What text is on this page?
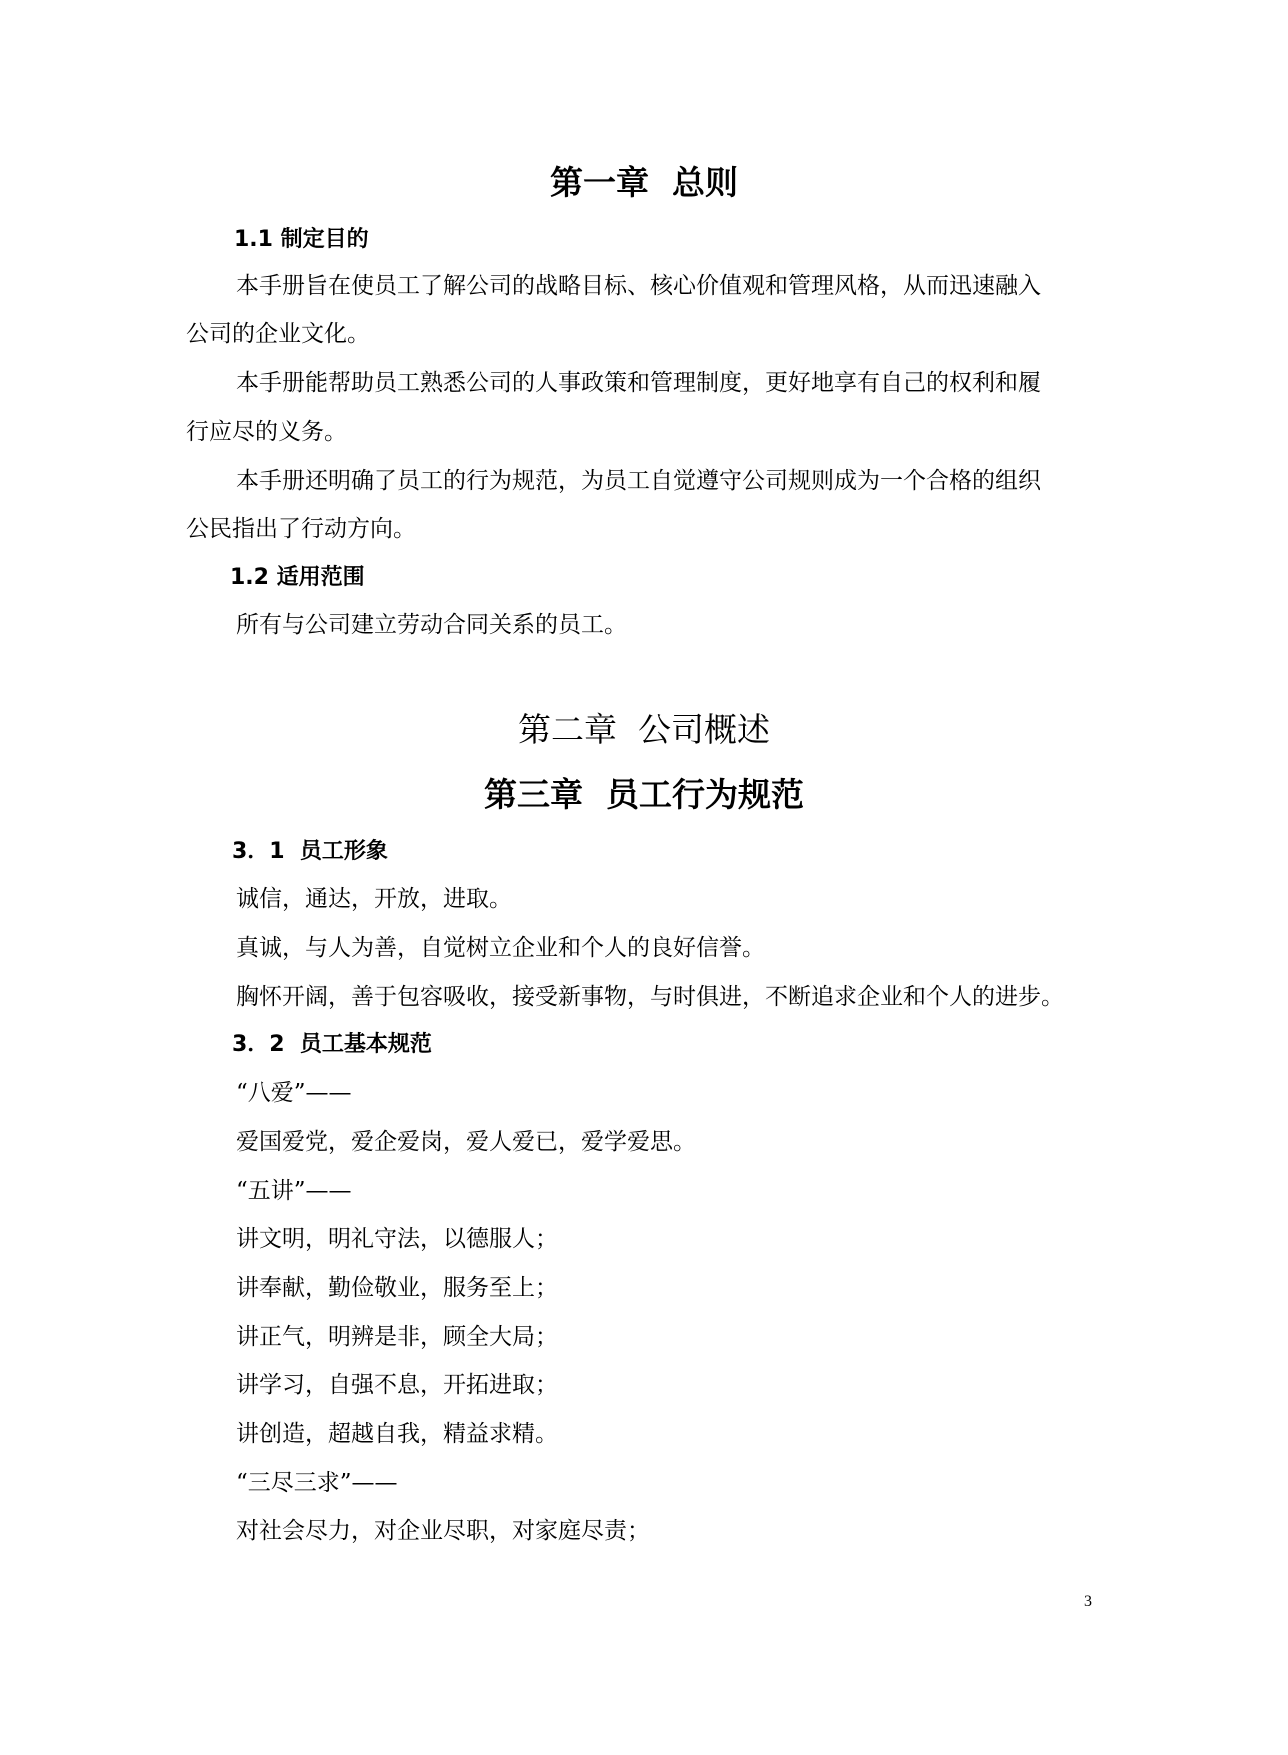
第一章  总则
1.1 制定目的

本手册旨在使员工了解公司的战略目标、核心价值观和管理风格，从而迅速融入

公司的企业文化。

本手册能帮助员工熟悉公司的人事政策和管理制度，更好地享有自己的权利和履

行应尽的义务。

本手册还明确了员工的行为规范，为员工自觉遵守公司规则成为一个合格的组织

公民指出了行动方向。

1.2 适用范围

所有与公司建立劳动合同关系的员工。

第二章  公司概述
第三章  员工行为规范
3．1  员工形象

诚信，通达，开放，进取。

真诚，与人为善，自觉树立企业和个人的良好信誉。

胸怀开阔，善于包容吸收，接受新事物，与时俱进，不断追求企业和个人的进步。

3．2  员工基本规范

“八爱”——

爱国爱党，爱企爱岗，爱人爱已，爱学爱思。

“五讲”——

讲文明，明礼守法，以德服人；

讲奉献，勤俭敬业，服务至上；

讲正气，明辨是非，顾全大局；

讲学习，自强不息，开拓进取；

讲创造，超越自我，精益求精。

“三尽三求”——

对社会尽力，对企业尽职，对家庭尽责；

3
